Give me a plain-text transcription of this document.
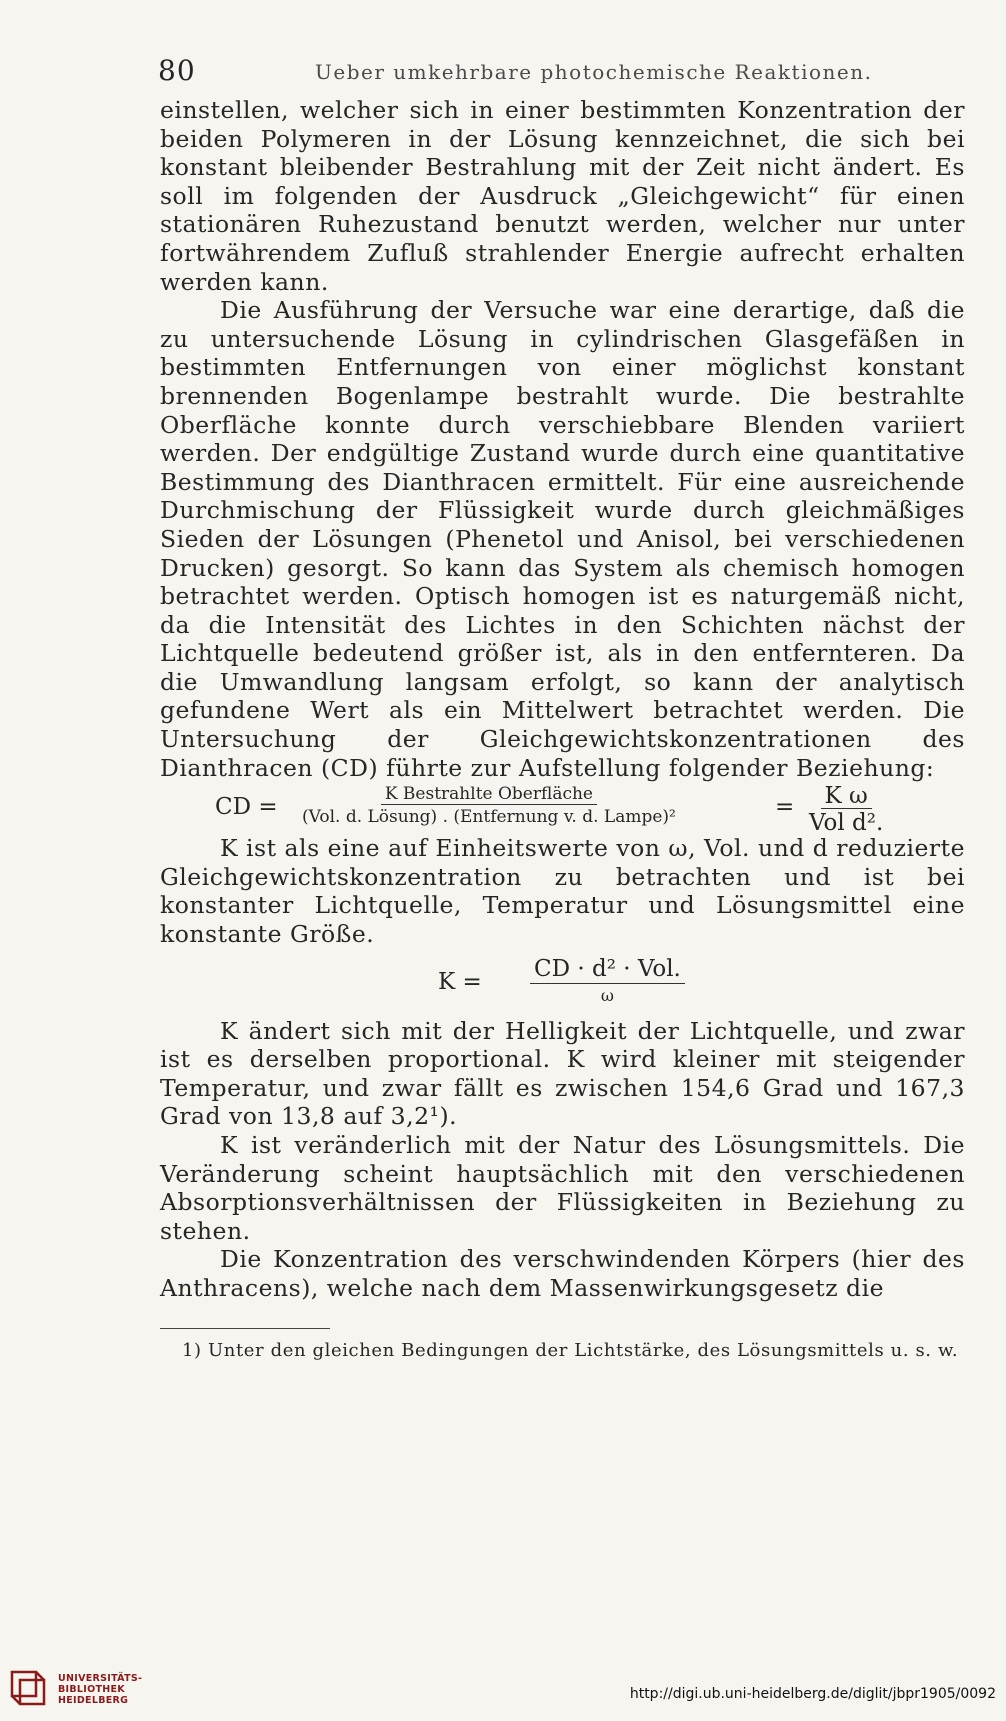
80	Ueber umkehrbare photochemische Reaktionen.

einstellen, welcher sich in einer bestimmten Konzentration der beiden Polymeren in der Lösung kennzeichnet, die sich bei konstant bleibender Bestrahlung mit der Zeit nicht ändert. Es soll im folgenden der Ausdruck „Gleichgewicht“ für einen stationären Ruhezustand benutzt werden, welcher nur unter fortwährendem Zufluß strahlender Energie aufrecht erhalten werden kann.

Die Ausführung der Versuche war eine derartige, daß die zu untersuchende Lösung in cylindrischen Glasgefäßen in bestimmten Entfernungen von einer möglichst konstant brennenden Bogenlampe bestrahlt wurde. Die bestrahlte Oberfläche konnte durch verschiebbare Blenden variiert werden. Der endgültige Zustand wurde durch eine quantitative Bestimmung des Dianthracen ermittelt. Für eine ausreichende Durchmischung der Flüssigkeit wurde durch gleichmäßiges Sieden der Lösungen (Phenetol und Anisol, bei verschiedenen Drucken) gesorgt. So kann das System als chemisch homogen betrachtet werden. Optisch homogen ist es naturgemäß nicht, da die Intensität des Lichtes in den Schichten nächst der Lichtquelle bedeutend größer ist, als in den entfernteren. Da die Umwandlung langsam erfolgt, so kann der analytisch gefundene Wert als ein Mittelwert betrachtet werden. Die Untersuchung der Gleichgewichtskonzentrationen des Dianthracen (CD) führte zur Aufstellung folgender Beziehung:

CD =	K Bestrahlte Oberfläche
(Vol. d. Lösung) . (Entfernung v. d. Lampe)²	= K ω
Vol d².

K ist als eine auf Einheitswerte von ω, Vol. und d reduzierte Gleichgewichtskonzentration zu betrachten und ist bei konstanter Lichtquelle, Temperatur und Lösungsmittel eine konstante Größe.

K = CD · d² · Vol.
ω

K ändert sich mit der Helligkeit der Lichtquelle, und zwar ist es derselben proportional. K wird kleiner mit steigender Temperatur, und zwar fällt es zwischen 154,6 Grad und 167,3 Grad von 13,8 auf 3,2¹).

K ist veränderlich mit der Natur des Lösungsmittels. Die Veränderung scheint hauptsächlich mit den verschiedenen Absorptionsverhältnissen der Flüssigkeiten in Beziehung zu stehen.

Die Konzentration des verschwindenden Körpers (hier des Anthracens), welche nach dem Massenwirkungsgesetz die

1) Unter den gleichen Bedingungen der Lichtstärke, des Lösungsmittels u. s. w.
UNIVERSITÄTS-
BIBLIOTHEK
HEIDELBERG	http://digi.ub.uni-heidelberg.de/diglit/jbpr1905/0092
